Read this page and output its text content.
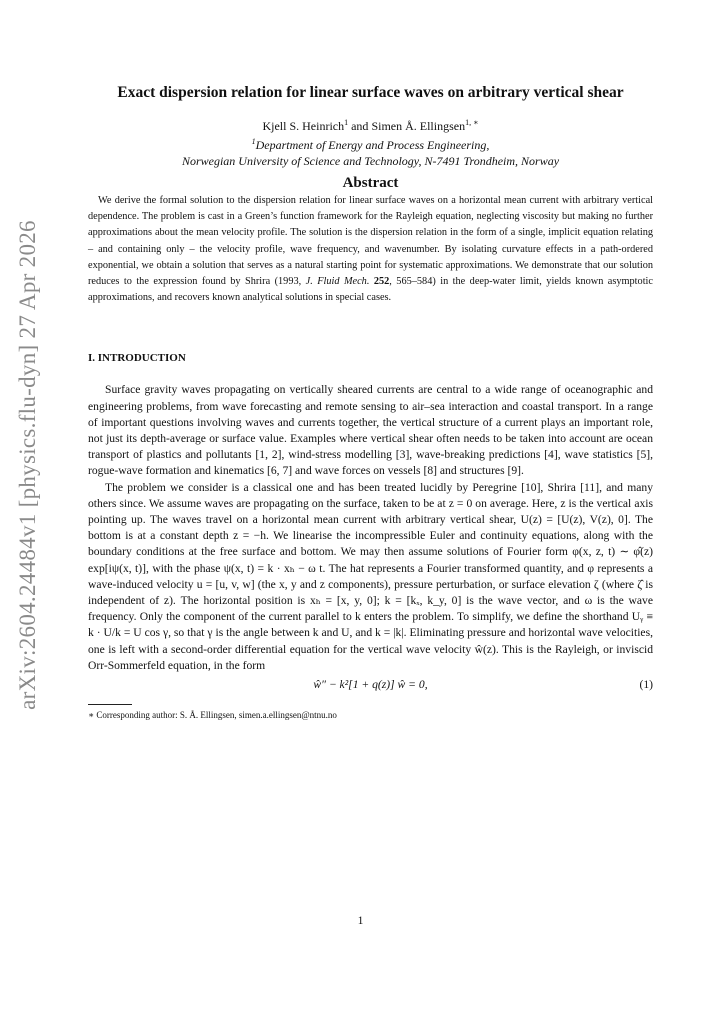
arXiv:2604.24484v1 [physics.flu-dyn] 27 Apr 2026
Exact dispersion relation for linear surface waves on arbitrary vertical shear

Kjell S. Heinrich$^1$ and Simen Å. Ellingsen$^{1, ∗}$

$^1$Department of Energy and Process Engineering,

Norwegian University of Science and Technology, N-7491 Trondheim, Norway

Abstract

We derive the formal solution to the dispersion relation for linear surface waves on a horizontal mean current with arbitrary vertical dependence. The problem is cast in a Green’s function framework for the Rayleigh equation, neglecting viscosity but making no further approximations about the mean velocity profile. The solution is the dispersion relation in the form of a single, implicit equation relating – and containing only – the velocity profile, wave frequency, and wavenumber. By isolating curvature effects in a path-ordered exponential, we obtain a solution that serves as a natural starting point for systematic approximations. We demonstrate that our solution reduces to the expression found by Shrira (1993, J. Fluid Mech. 252, 565–584) in the deep-water limit, yields known asymptotic approximations, and recovers known analytical solutions in special cases.

I. INTRODUCTION

Surface gravity waves propagating on vertically sheared currents are central to a wide range of oceanographic and engineering problems, from wave forecasting and remote sensing to air–sea interaction and coastal transport. In a range of important questions involving waves and currents together, the vertical structure of a current plays an important role, not just its depth-average or surface value. Examples where vertical shear often needs to be taken into account are ocean transport of plastics and pollutants [1, 2], wind-stress modelling [3], wave-breaking predictions [4], wave statistics [5], rogue-wave formation and kinematics [6, 7] and wave forces on vessels [8] and structures [9].

The problem we consider is a classical one and has been treated lucidly by Peregrine [10], Shrira [11], and many others since. We assume waves are propagating on the surface, taken to be at z = 0 on average. Here, z is the vertical axis pointing up. The waves travel on a horizontal mean current with arbitrary vertical shear, U(z) = [U(z), V(z), 0]. The bottom is at a constant depth z = −h. We linearise the incompressible Euler and continuity equations, along with the boundary conditions at the free surface and bottom. We may then assume solutions of Fourier form φ(x, z, t) ∼ φ̂(z) exp[iψ(x, t)], with the phase ψ(x, t) = k · xₕ − ω t. The hat represents a Fourier transformed quantity, and φ represents a wave-induced velocity u = [u, v, w] (the x, y and z components), pressure perturbation, or surface elevation ζ (where ζ̂ is independent of z). The horizontal position is xₕ = [x, y, 0]; k = [kₓ, k_y, 0] is the wave vector, and ω is the wave frequency. Only the component of the current parallel to k enters the problem. To simplify, we define the shorthand Uᵧ ≡ k · U/k = U cos γ, so that γ is the angle between k and U, and k = |k|. Eliminating pressure and horizontal wave velocities, one is left with a second-order differential equation for the vertical wave velocity ŵ(z). This is the Rayleigh, or inviscid Orr-Sommerfeld equation, in the form

ŵ″ − k²[1 + q(z)] ŵ = 0,	(1)

∗ Corresponding author: S. Å. Ellingsen, simen.a.ellingsen@ntnu.no

1
